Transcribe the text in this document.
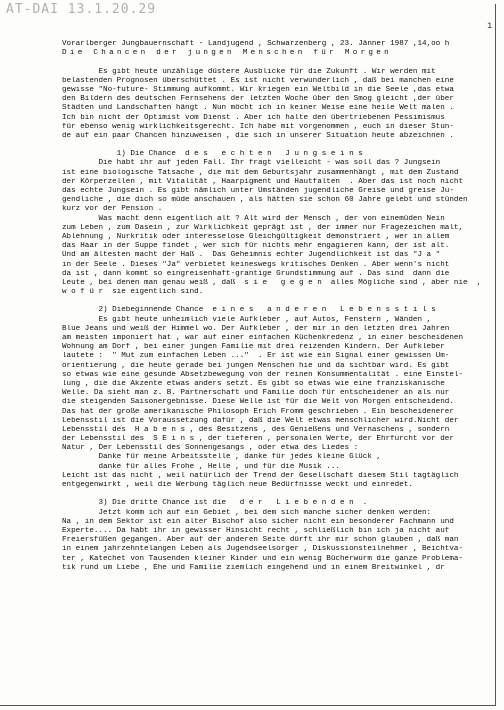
AT-DAI 13.1.20.29
1
Vorarlberger Jungbauernschaft - Landjugend , Schwarzenberg , 23. Jänner 1987 ,14,oo h
Die Chancen der jungen Menschen für Morgen
Es gibt heute unzählige düstere Ausblicke für die Zukunft . Wir werden mit
belastenden Prognosen überschüttet . Es ist nicht verwunderlich , daß bei manchen eine
gewisse "No-future- Stimmung aufkommt. Wir kriegen ein Weltbild in die Seele ,das etwa
den Bildern des deutschen Fernsehens der letzten Woche über den Smog gleicht ,der über
Städten und Landschaften hängt . Nun möcht ich in keiner Weise eine heile Welt malen .
Ich bin nicht der Optimist vom Dienst . Aber ich halte den übertriebenen Pessimismus
für ebenso wenig wirklichkeitsgerecht. Ich habe mit vorgenommen , euch in dieser Stun-
de auf ein paar Chancen hinzuweisen , die sich in unserer Situation heute abzeichnen .
1) Die Chance  d e s   e c h t e n   J u n g s e i n s
Die habt ihr auf jeden Fall. Ihr fragt vielleicht - was soll das ? Jungsein
ist eine biologische Tatsache , die mit dem Geburtsjahr zusammenhängt , mit dem Zustand
der Körperzellen , mit Vitalität , Haarpigment und Hautfalten  . Aber das ist noch nicht
das echte Jungsein . Es gibt nämlich unter Umständen jugendliche Greise und greise Ju-
gendliche , die dich so müde anschauen , als hätten sie schon 60 Jahre gelebt und stünden
kurz vor der Pension .
Was macht denn eigentlich alt ? Alt wird der Mensch , der von einemüden Nein
zum Leben , zum Dasein , zur Wirklichkeit geprägt ist , der immer nur Fragezeichen malt,
Ablehnung , Nurkritik oder interesselose Gleichgültigkeit demonstriert , wer in allem
das Haar in der Suppe findet , wer sich für nichts mehr engagieren kann, der ist alt.
Und am ältesten macht der Haß .  Das Geheimnis echter Jugendlichkeit ist das "J a "
in der Seele . Dieses "Ja" verbietet keineswegs kritisches Denken . Aber wenn's nicht
da ist , dann kommt so eingreisenhaft-grantige Grundstimmung auf . Das sind  dann die
Leute , bei denen man genau weiß , daß  s i e   g e g e n  alles Mögliche sind , aber nie  ,
w o f ü r  sie eigentlich sind.
2) Diebeginnende Chance  e i n e s   a n d e r e n   L e b e n s s t i l s
Es gibt heute unheimlich viele Aufkleber , auf Autos, Fenstern , Wänden ,
Blue Jeans und weiß der Himmel wo. Der Aufkleber , der mir in den letzten drei Jahren
am meisten imponiert hat , war auf einer einfachen Küchenkredenz , in einer bescheidenen
Wohnung am Dorf , bei einer jungen Familie mit drei reizenden Kindern. Der Aufkleber
lautete :  " Mut zum einfachen Leben ..."  . Er ist wie ein Signal einer gewissen Um-
orientierung , die heute gerade bei jungen Menschen hie und da sichtbar wird. Es gibt
so etwas wie eine gesunde Absetzbewegung von der reinen Konsummentalität . eine Einstel-
lung , die die Akzente etwas anders setzt. Es gibt so etwas wie eine franziskanische
Welle. Da sieht man z. B. Partnerschaft und Familie doch für entscheidener an als nur
die steigenden Saisonergebnisse. Diese Welle ist für die Welt von Morgen entscheidend.
Das hat der große amerikanische Philosoph Erich Fromm geschrieben . Ein bescheidenerer
Lebensstil ist die Voraussetzung dafür , daß die Welt etwas menschlicher wird.Nicht der
Lebensstil des  H a b e n s , des Besitzens , des Genießens und Vernaschens , sondern
der Lebensstil des  S E i n s , der tieferen , personalen Werte, der Ehrfurcht vor der
Natur , Der Lebensstil des Sonnengesangs , oder etwa des Liedes :
Danke für meine Arbeitsstelle , danke für jedes kleine Glück ,
danke für alles Frohe , Helle , und für die Musik ...
Leicht ist das nicht , weil natürlich der Trend der Gesellschaft diesem Stil tagtäglich
entgegenwirkt , weil die Werbung täglich neue Bedürfnisse weckt und einredet.
3) Die dritte Chance ist die   d e r   L i e b e n d e n  .
Jetzt komm ich auf ein Gebiet , bei dem sich manche sicher denken werden:
Na , in dem Sektor ist ein alter Bischof also sicher nicht ein besonderer Fachmann und
Experte.... Da habt ihr in gewisser Hinsicht recht , schließlich bin ich ja nicht auf
Freiersfüßen gegangen. Aber auf der anderen Seite dürft ihr mir schon glauben , daß man
in einem jahrzehntelangen Leben als Jugendseelsorger , Diskussionsteilnehmer , Beichtva-
ter , Katechet von Tausenden kleiner Kinder und ein wenig Bücherwurm die ganze Problema-
tik rund um Liebe , Ehe und Familie ziemlich eingehend und in einem Breitwinkel , dr
